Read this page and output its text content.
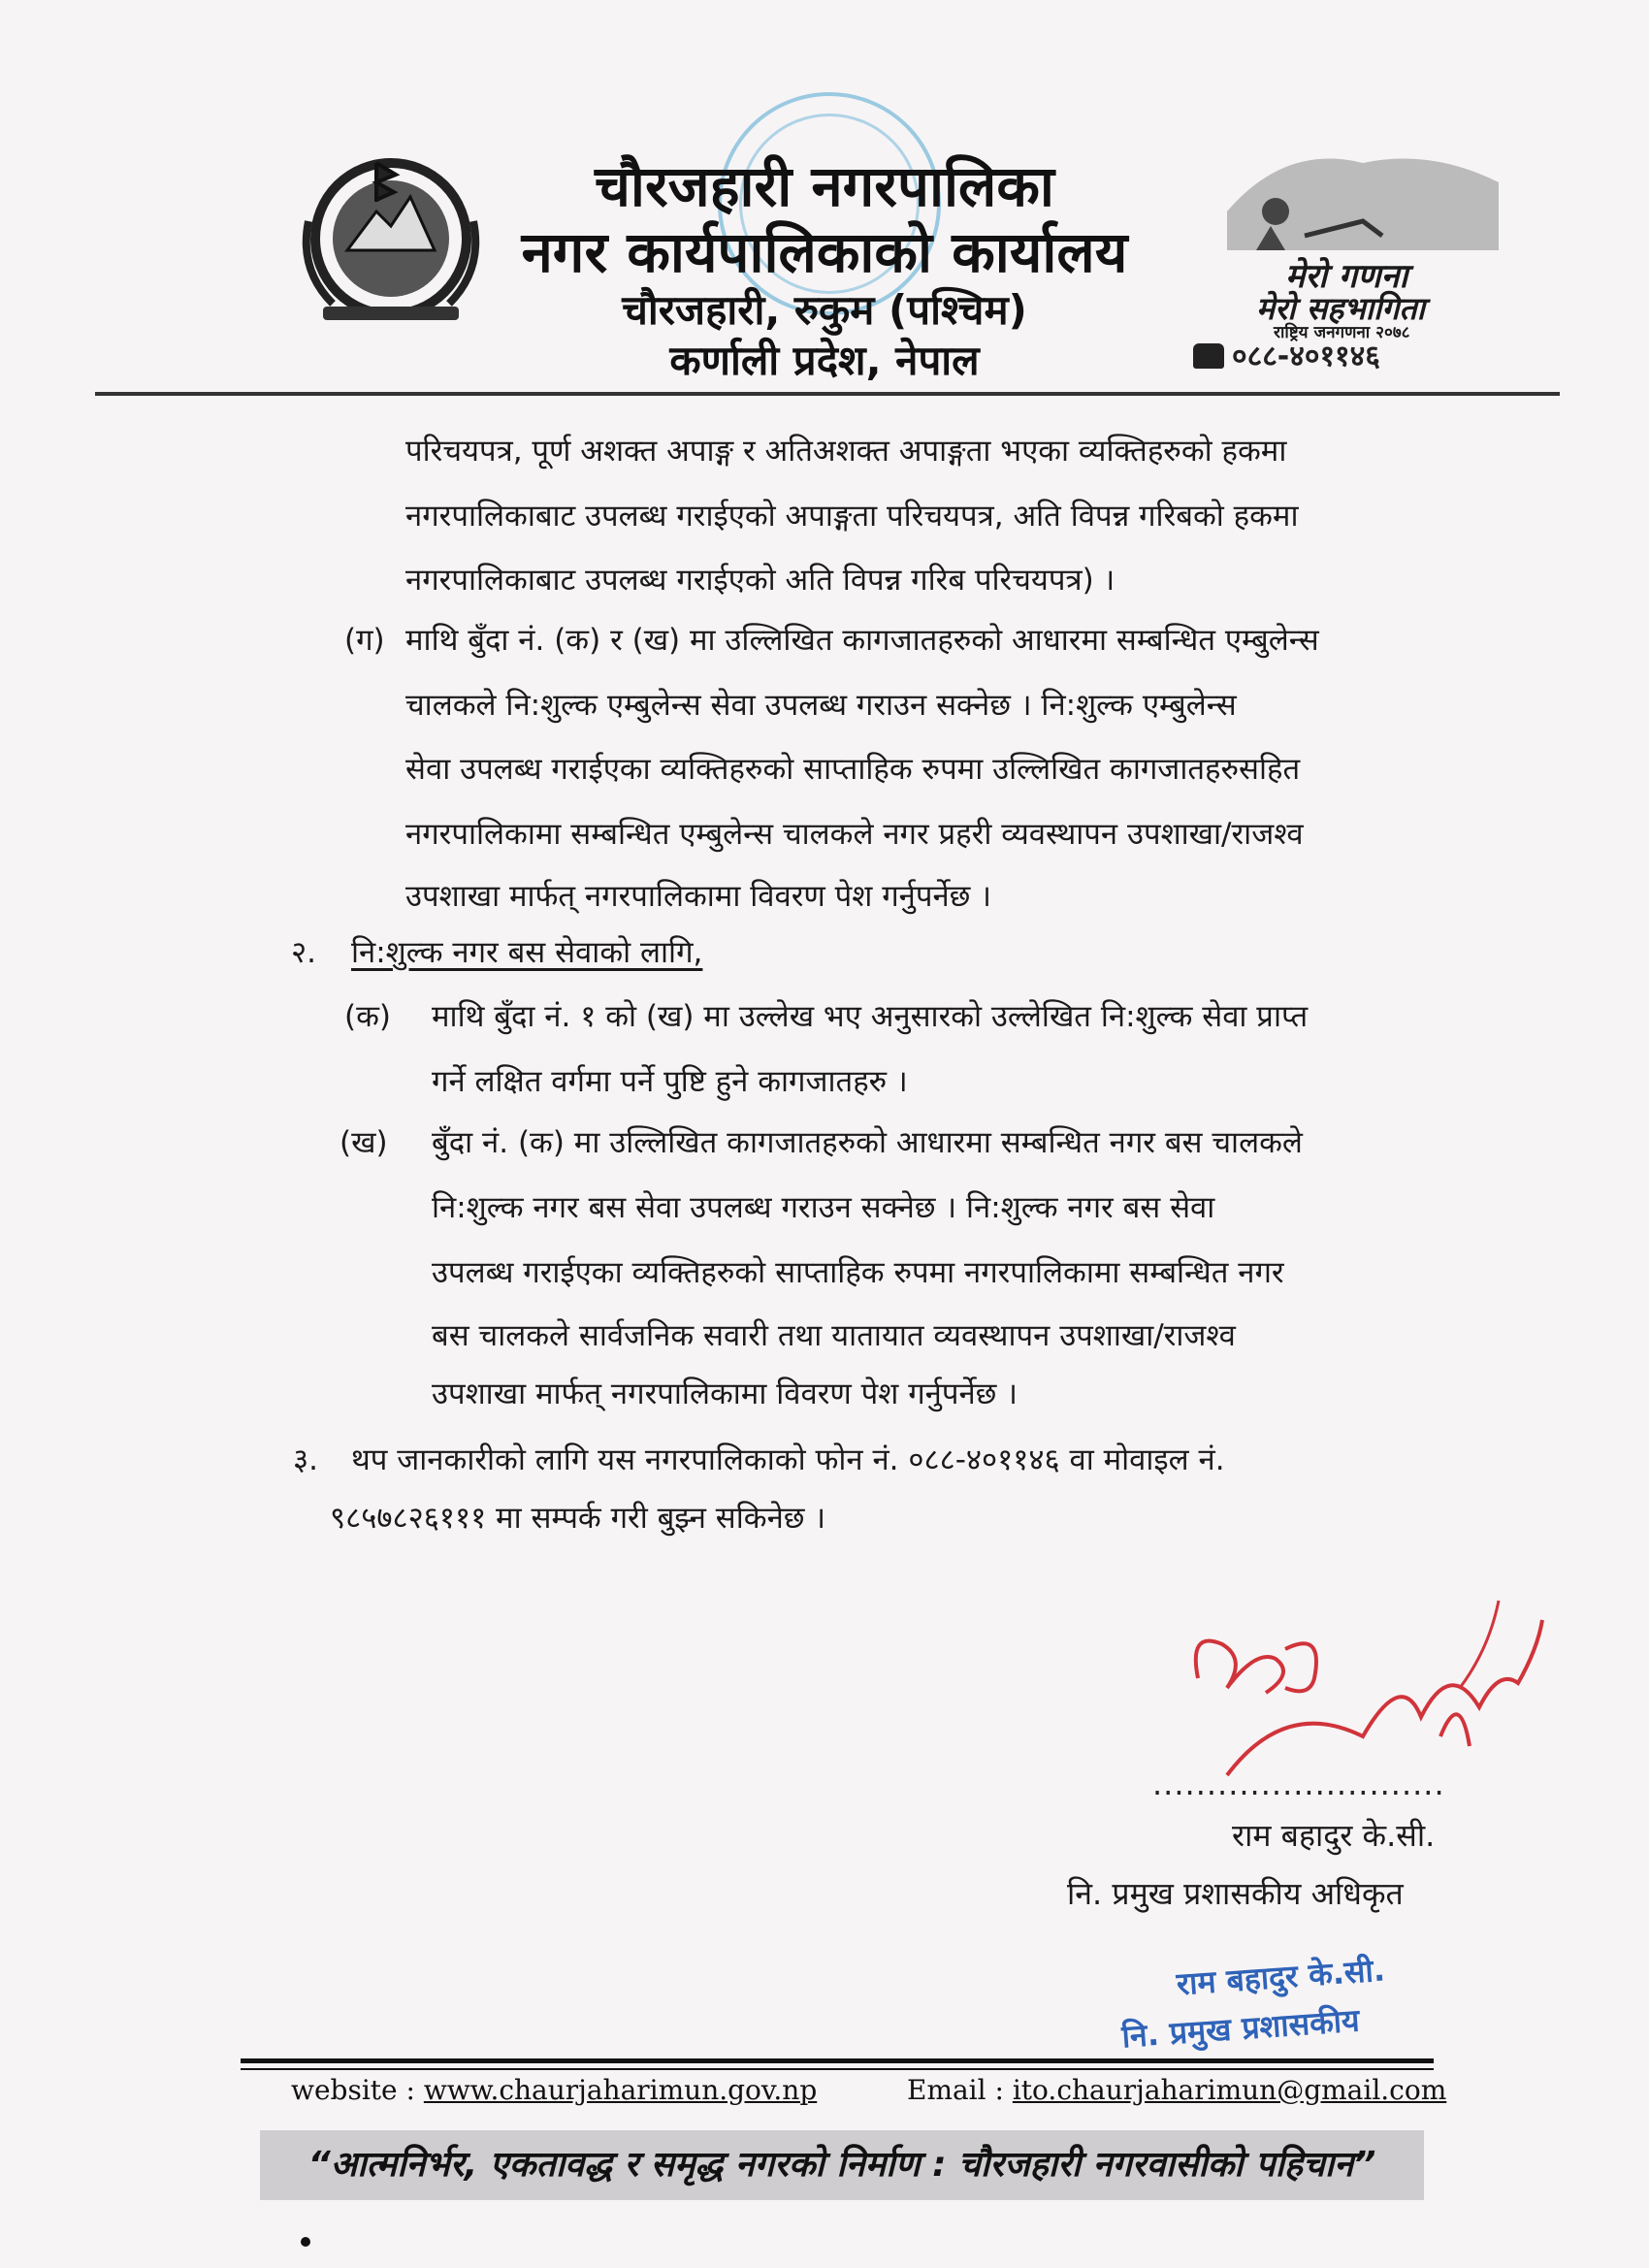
चौरजहारी नगरपालिका
नगर कार्यपालिकाको कार्यालय
चौरजहारी, रुकुम (पश्चिम)
कर्णाली प्रदेश, नेपाल
मेरो गणना
मेरो सहभागिता
राष्ट्रिय जनगणना २०७८
०८८-४०११४६
परिचयपत्र, पूर्ण अशक्त अपाङ्ग र अतिअशक्त अपाङ्गता भएका व्यक्तिहरुको हकमा
नगरपालिकाबाट उपलब्ध गराईएको अपाङ्गता परिचयपत्र, अति विपन्न गरिबको हकमा
नगरपालिकाबाट उपलब्ध गराईएको अति विपन्न गरिब परिचयपत्र) ।
(ग) माथि बुँदा नं. (क) र (ख) मा उल्लिखित कागजातहरुको आधारमा सम्बन्धित एम्बुलेन्स
चालकले नि:शुल्क एम्बुलेन्स सेवा उपलब्ध गराउन सक्नेछ । नि:शुल्क एम्बुलेन्स
सेवा उपलब्ध गराईएका व्यक्तिहरुको साप्ताहिक रुपमा उल्लिखित कागजातहरुसहित
नगरपालिकामा सम्बन्धित एम्बुलेन्स चालकले नगर प्रहरी व्यवस्थापन उपशाखा/राजश्व
उपशाखा मार्फत् नगरपालिकामा विवरण पेश गर्नुपर्नेछ ।
२. नि:शुल्क नगर बस सेवाको लागि,
(क) माथि बुँदा नं. १ को (ख) मा उल्लेख भए अनुसारको उल्लेखित नि:शुल्क सेवा प्राप्त
गर्ने लक्षित वर्गमा पर्ने पुष्टि हुने कागजातहरु ।
(ख) बुँदा नं. (क) मा उल्लिखित कागजातहरुको आधारमा सम्बन्धित नगर बस चालकले
नि:शुल्क नगर बस सेवा उपलब्ध गराउन सक्नेछ । नि:शुल्क नगर बस सेवा
उपलब्ध गराईएका व्यक्तिहरुको साप्ताहिक रुपमा नगरपालिकामा सम्बन्धित नगर
बस चालकले सार्वजनिक सवारी तथा यातायात व्यवस्थापन उपशाखा/राजश्व
उपशाखा मार्फत् नगरपालिकामा विवरण पेश गर्नुपर्नेछ ।
३. थप जानकारीको लागि यस नगरपालिकाको फोन नं. ०८८-४०११४६ वा मोवाइल नं.
९८५७८२६१११ मा सम्पर्क गरी बुझ्न सकिनेछ ।
...........................
राम बहादुर के.सी.
नि. प्रमुख प्रशासकीय अधिकृत
राम बहादुर के.सी.
नि. प्रमुख प्रशासकीय
website : www.chaurjaharimun.gov.np	Email : ito.chaurjaharimun@gmail.com
“आत्मनिर्भर, एकतावद्ध र समृद्ध नगरको निर्माण : चौरजहारी नगरवासीको पहिचान”
